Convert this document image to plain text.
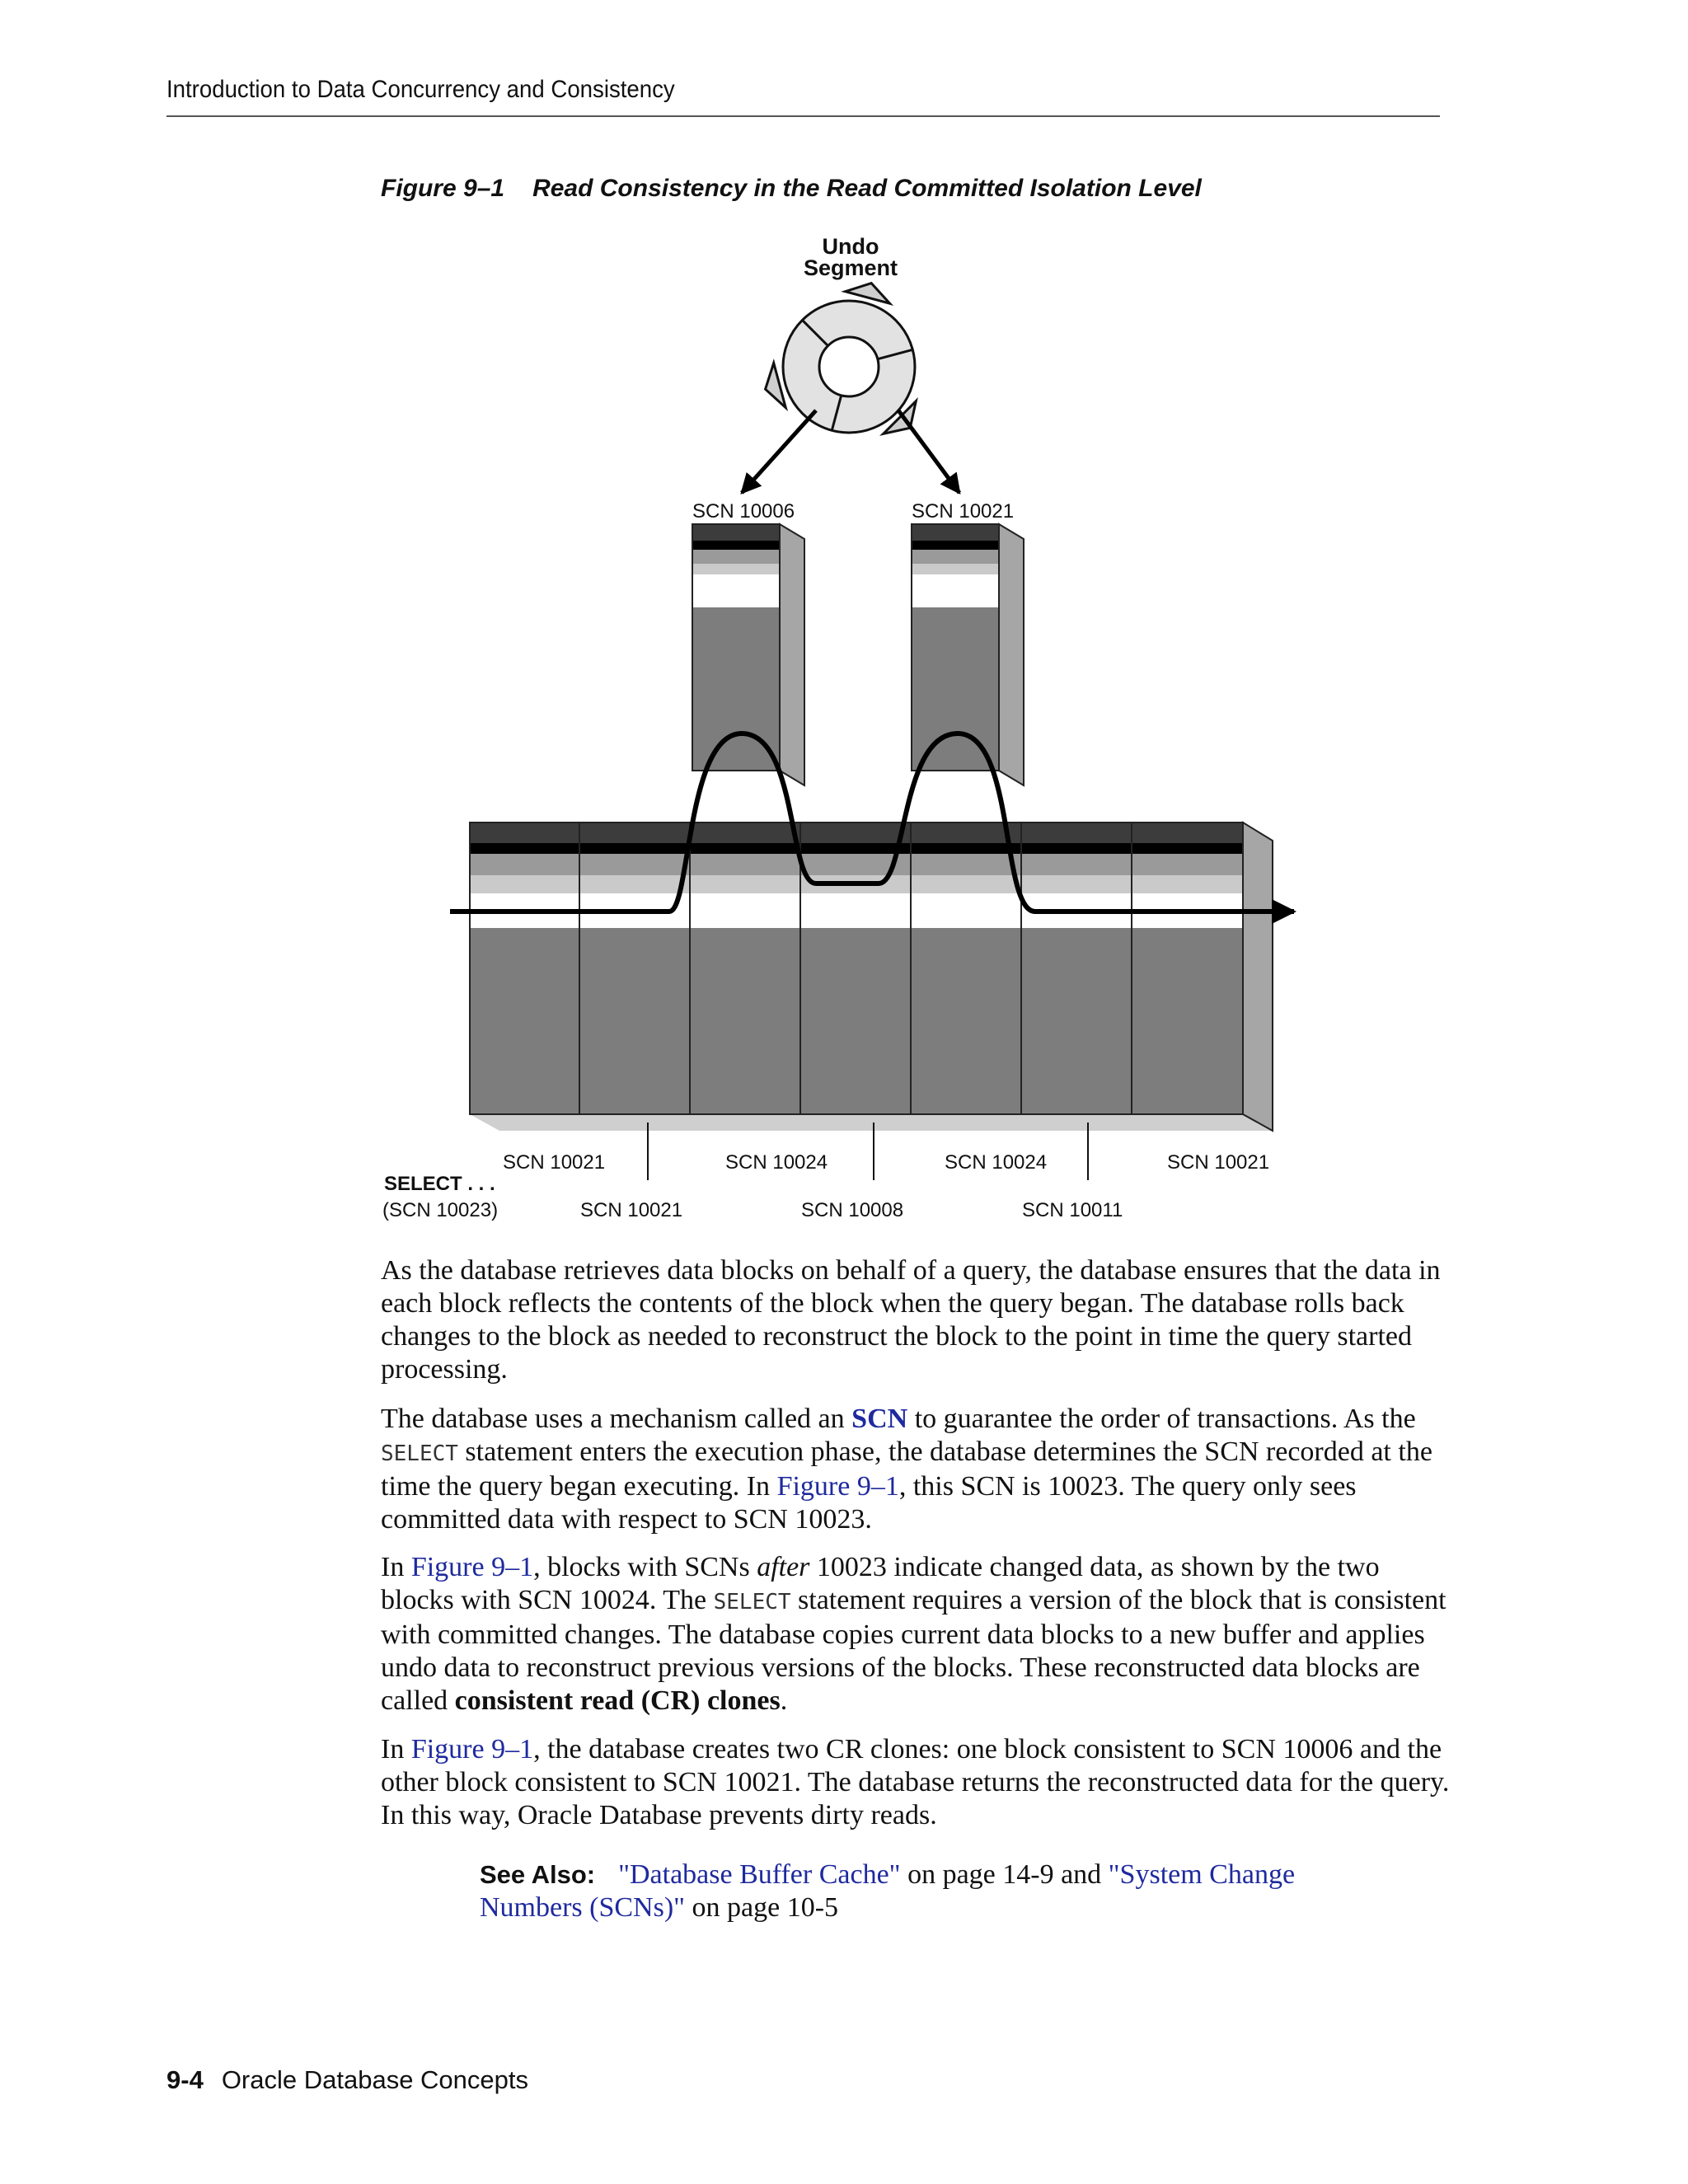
Introduction to Data Concurrency and Consistency
Figure 9–1 Read Consistency in the Read Committed Isolation Level
Undo
Segment
SCN 10006	SCN 10021
SCN 10021	SCN 10024	SCN 10024	SCN 10021
SCN 10021	SCN 10008	SCN 10011
SELECT . . .
(SCN 10023)

As the database retrieves data blocks on behalf of a query, the database ensures that the data in each block reflects the contents of the block when the query began. The database rolls back changes to the block as needed to reconstruct the block to the point in time the query started processing.

The database uses a mechanism called an SCN to guarantee the order of transactions. As the SELECT statement enters the execution phase, the database determines the SCN recorded at the time the query began executing. In Figure 9–1, this SCN is 10023. The query only sees committed data with respect to SCN 10023.

In Figure 9–1, blocks with SCNs after 10023 indicate changed data, as shown by the two blocks with SCN 10024. The SELECT statement requires a version of the block that is consistent with committed changes. The database copies current data blocks to a new buffer and applies undo data to reconstruct previous versions of the blocks. These reconstructed data blocks are called consistent read (CR) clones.

In Figure 9–1, the database creates two CR clones: one block consistent to SCN 10006 and the other block consistent to SCN 10021. The database returns the reconstructed data for the query. In this way, Oracle Database prevents dirty reads.

See Also: "Database Buffer Cache" on page 14-9 and "System Change Numbers (SCNs)" on page 10-5
9-4 Oracle Database Concepts
